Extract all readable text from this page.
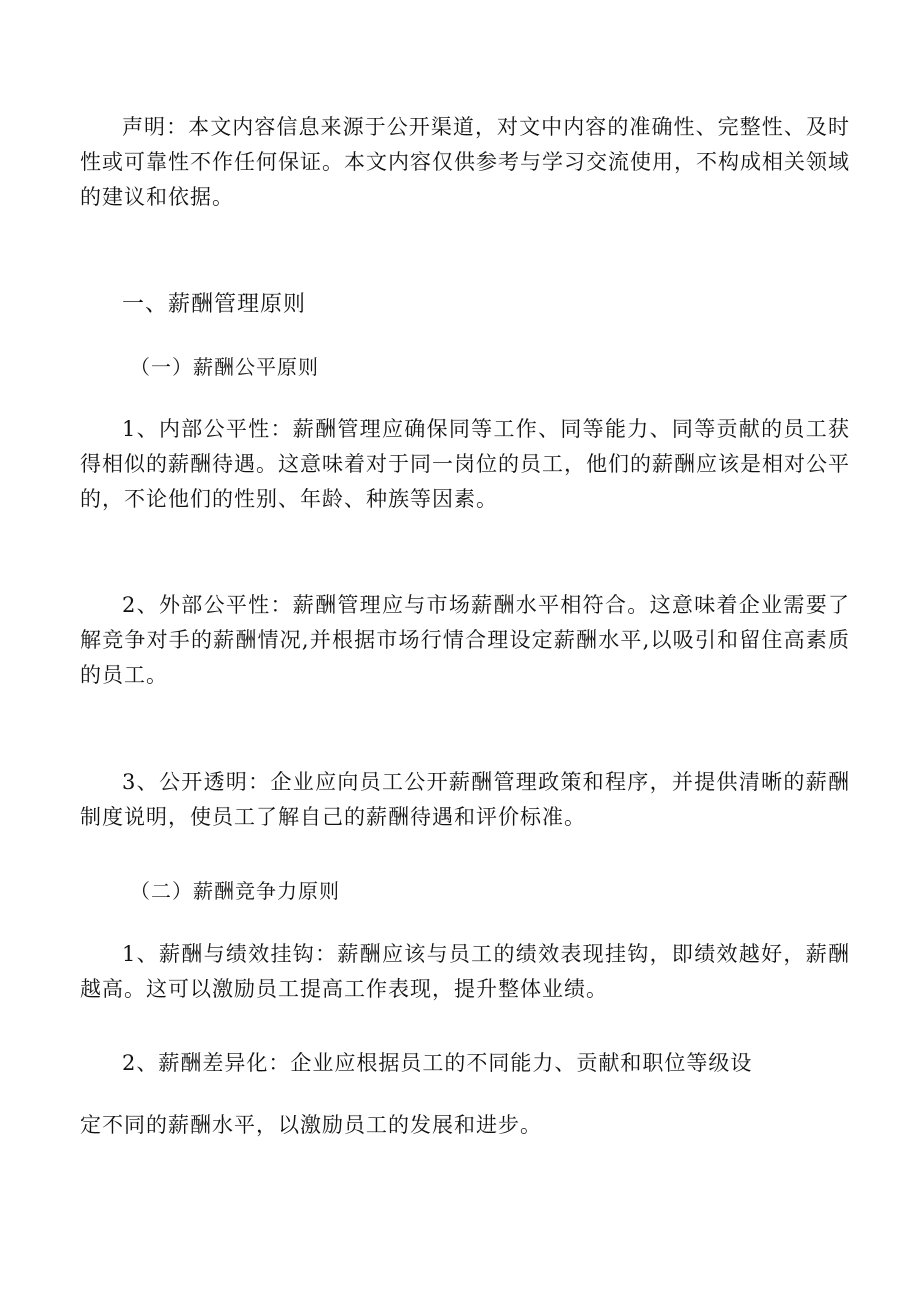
声明：本文内容信息来源于公开渠道，对文中内容的准确性、完整性、及时性或可靠性不作任何保证。本文内容仅供参考与学习交流使用，不构成相关领域的建议和依据。

一、薪酬管理原则

（一）薪酬公平原则

1、内部公平性：薪酬管理应确保同等工作、同等能力、同等贡献的员工获得相似的薪酬待遇。这意味着对于同一岗位的员工，他们的薪酬应该是相对公平的，不论他们的性别、年龄、种族等因素。

2、外部公平性：薪酬管理应与市场薪酬水平相符合。这意味着企业需要了解竞争对手的薪酬情况,并根据市场行情合理设定薪酬水平,以吸引和留住高素质的员工。

3、公开透明：企业应向员工公开薪酬管理政策和程序，并提供清晰的薪酬制度说明，使员工了解自己的薪酬待遇和评价标准。

（二）薪酬竞争力原则

1、薪酬与绩效挂钩：薪酬应该与员工的绩效表现挂钩，即绩效越好，薪酬越高。这可以激励员工提高工作表现，提升整体业绩。

2、薪酬差异化：企业应根据员工的不同能力、贡献和职位等级设

定不同的薪酬水平，以激励员工的发展和进步。
